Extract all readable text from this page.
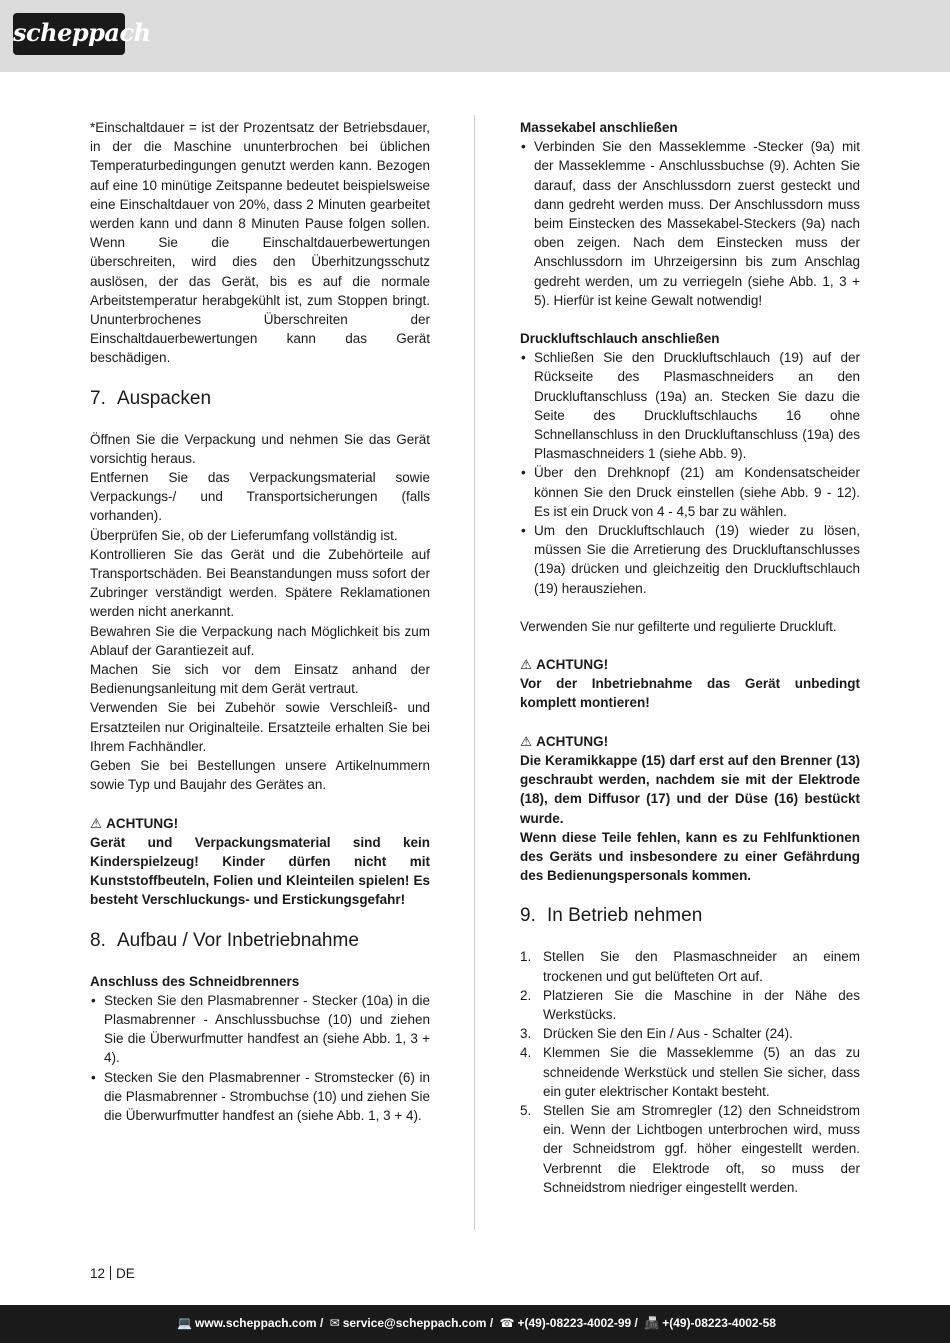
scheppach

*Einschaltdauer = ist der Prozentsatz der Betriebsdauer, in der die Maschine ununterbrochen bei üblichen Temperaturbedingungen genutzt werden kann. Bezogen auf eine 10 minütige Zeitspanne bedeutet beispielsweise eine Einschaltdauer von 20%, dass 2 Minuten gearbeitet werden kann und dann 8 Minuten Pause folgen sollen. Wenn Sie die Einschaltdauerbewertungen überschreiten, wird dies den Überhitzungsschutz auslösen, der das Gerät, bis es auf die normale Arbeitstemperatur herabgekühlt ist, zum Stoppen bringt. Ununterbrochenes Überschreiten der Einschaltdauerbewertungen kann das Gerät beschädigen.

7. Auspacken

Öffnen Sie die Verpackung und nehmen Sie das Gerät vorsichtig heraus.

Entfernen Sie das Verpackungsmaterial sowie Verpackungs-/ und Transportsicherungen (falls vorhanden).

Überprüfen Sie, ob der Lieferumfang vollständig ist.

Kontrollieren Sie das Gerät und die Zubehörteile auf Transportschäden. Bei Beanstandungen muss sofort der Zubringer verständigt werden. Spätere Reklamationen werden nicht anerkannt.

Bewahren Sie die Verpackung nach Möglichkeit bis zum Ablauf der Garantiezeit auf.

Machen Sie sich vor dem Einsatz anhand der Bedienungsanleitung mit dem Gerät vertraut.

Verwenden Sie bei Zubehör sowie Verschleiß- und Ersatzteilen nur Originalteile. Ersatzteile erhalten Sie bei Ihrem Fachhändler.

Geben Sie bei Bestellungen unsere Artikelnummern sowie Typ und Baujahr des Gerätes an.

⚠ ACHTUNG!

Gerät und Verpackungsmaterial sind kein Kinderspielzeug! Kinder dürfen nicht mit Kunststoffbeuteln, Folien und Kleinteilen spielen! Es besteht Verschluckungs- und Erstickungsgefahr!

8. Aufbau / Vor Inbetriebnahme

Anschluss des Schneidbrenners

• Stecken Sie den Plasmabrenner - Stecker (10a) in die Plasmabrenner - Anschlussbuchse (10) und ziehen Sie die Überwurfmutter handfest an (siehe Abb. 1, 3 + 4).
• Stecken Sie den Plasmabrenner - Stromstecker (6) in die Plasmabrenner - Strombuchse (10) und ziehen Sie die Überwurfmutter handfest an (siehe Abb. 1, 3 + 4).

Massekabel anschließen

• Verbinden Sie den Masseklemme -Stecker (9a) mit der Masseklemme - Anschlussbuchse (9). Achten Sie darauf, dass der Anschlussdorn zuerst gesteckt und dann gedreht werden muss. Der Anschlussdorn muss beim Einstecken des Massekabel-Steckers (9a) nach oben zeigen. Nach dem Einstecken muss der Anschlussdorn im Uhrzeigersinn bis zum Anschlag gedreht werden, um zu verriegeln (siehe Abb. 1, 3 + 5). Hierfür ist keine Gewalt notwendig!

Druckluftschlauch anschließen

• Schließen Sie den Druckluftschlauch (19) auf der Rückseite des Plasmaschneiders an den Druckluftanschluss (19a) an. Stecken Sie dazu die Seite des Druckluftschlauchs 16 ohne Schnellanschluss in den Druckluftanschluss (19a) des Plasmaschneiders 1 (siehe Abb. 9).
• Über den Drehknopf (21) am Kondensatscheider können Sie den Druck einstellen (siehe Abb. 9 - 12). Es ist ein Druck von 4 - 4,5 bar zu wählen.
• Um den Druckluftschlauch (19) wieder zu lösen, müssen Sie die Arretierung des Druckluftanschlusses (19a) drücken und gleichzeitig den Druckluftschlauch (19) herausziehen.

Verwenden Sie nur gefilterte und regulierte Druckluft.

⚠ ACHTUNG!

Vor der Inbetriebnahme das Gerät unbedingt komplett montieren!

⚠ ACHTUNG!

Die Keramikkappe (15) darf erst auf den Brenner (13) geschraubt werden, nachdem sie mit der Elektrode (18), dem Diffusor (17) und der Düse (16) bestückt wurde.

Wenn diese Teile fehlen, kann es zu Fehlfunktionen des Geräts und insbesondere zu einer Gefährdung des Bedienungspersonals kommen.

9. In Betrieb nehmen
1. Stellen Sie den Plasmaschneider an einem trockenen und gut belüfteten Ort auf.
2. Platzieren Sie die Maschine in der Nähe des Werkstücks.
3. Drücken Sie den Ein / Aus - Schalter (24).
4. Klemmen Sie die Masseklemme (5) an das zu schneidende Werkstück und stellen Sie sicher, dass ein guter elektrischer Kontakt besteht.
5. Stellen Sie am Stromregler (12) den Schneidstrom ein. Wenn der Lichtbogen unterbrochen wird, muss der Schneidstrom ggf. höher eingestellt werden. Verbrennt die Elektrode oft, so muss der Schneidstrom niedriger eingestellt werden.
12 DE
💻 www.scheppach.com / ✉ service@scheppach.com / ☎ +(49)-08223-4002-99 / 📠 +(49)-08223-4002-58
